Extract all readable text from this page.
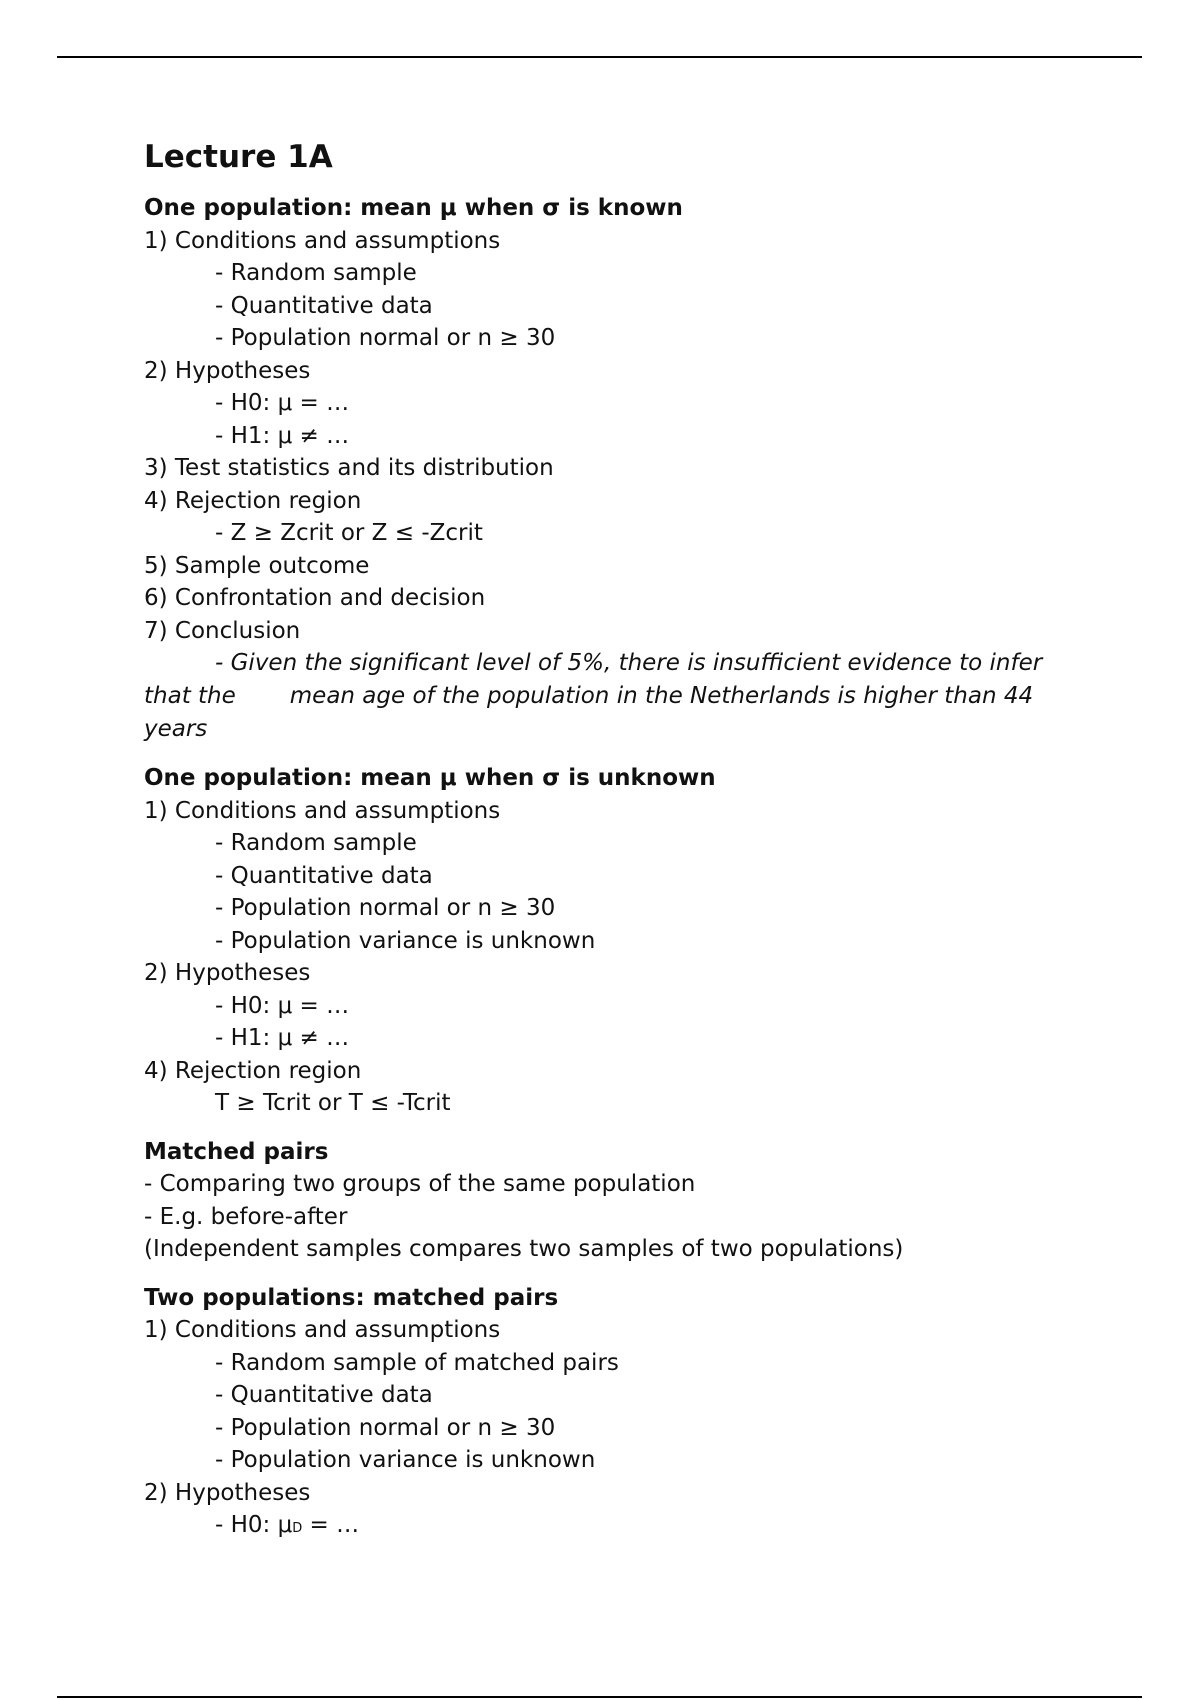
Lecture 1A
One population: mean μ when σ is known
1) Conditions and assumptions
- Random sample
- Quantitative data
- Population normal or n ≥ 30
2) Hypotheses
- H0: μ = …
- H1: μ ≠ …
3) Test statistics and its distribution
4) Rejection region
- Z ≥ Zcrit or Z ≤ -Zcrit
5) Sample outcome
6) Confrontation and decision
7) Conclusion
- Given the significant level of 5%, there is insufficient evidence to infer that the mean age of the population in the Netherlands is higher than 44 years
One population: mean μ when σ is unknown
1) Conditions and assumptions
- Random sample
- Quantitative data
- Population normal or n ≥ 30
- Population variance is unknown
2) Hypotheses
- H0: μ = …
- H1: μ ≠ …
4) Rejection region
T ≥ Tcrit or T ≤ -Tcrit
Matched pairs
- Comparing two groups of the same population
- E.g. before-after
(Independent samples compares two samples of two populations)
Two populations: matched pairs
1) Conditions and assumptions
- Random sample of matched pairs
- Quantitative data
- Population normal or n ≥ 30
- Population variance is unknown
2) Hypotheses
- H0: μD = …
